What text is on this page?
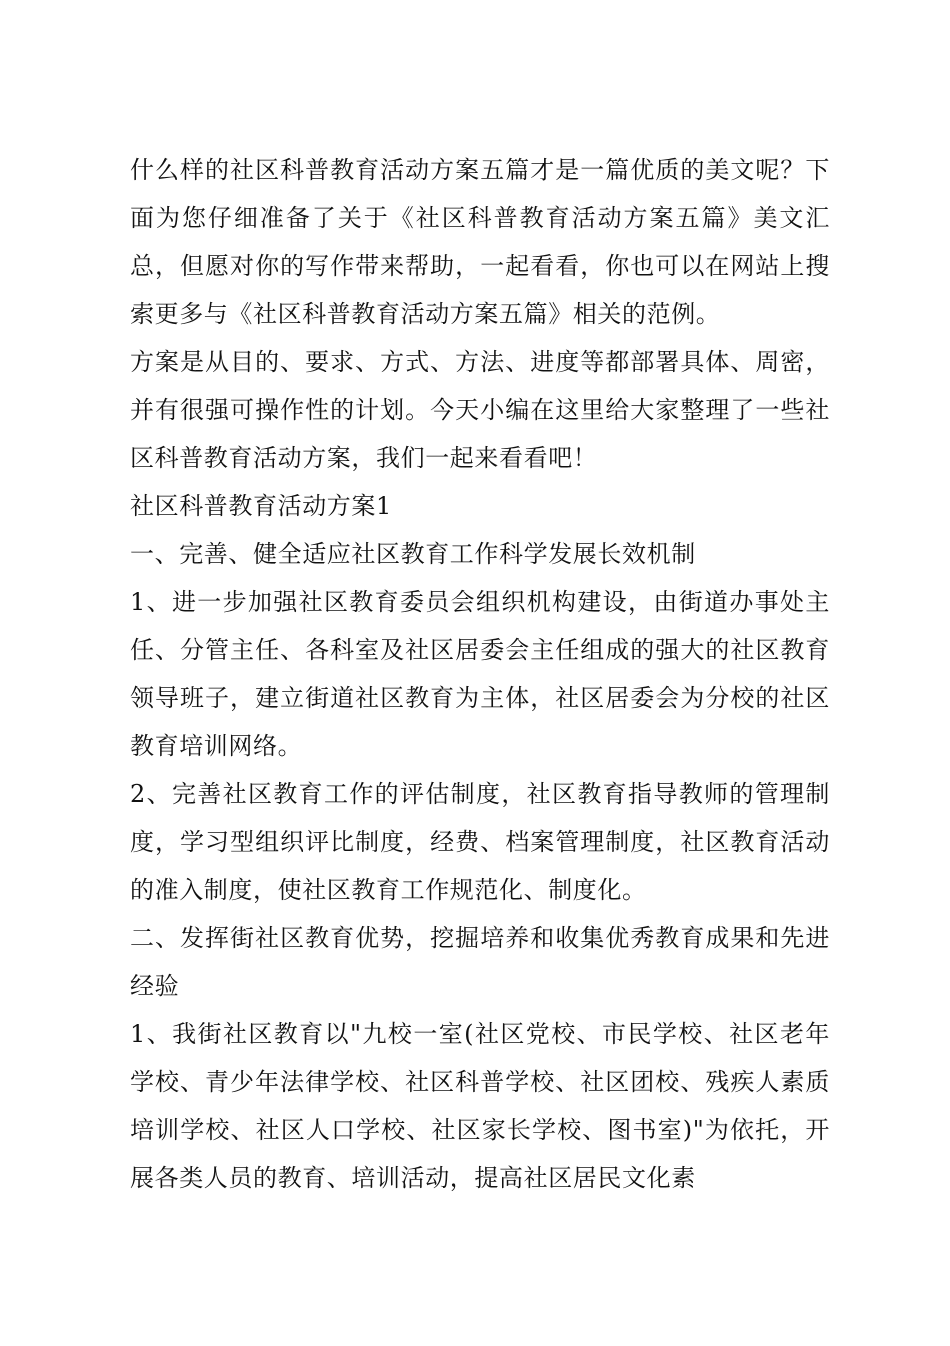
什么样的社区科普教育活动方案五篇才是一篇优质的美文呢？下面为您仔细准备了关于《社区科普教育活动方案五篇》美文汇总，但愿对你的写作带来帮助，一起看看，你也可以在网站上搜索更多与《社区科普教育活动方案五篇》相关的范例。

方案是从目的、要求、方式、方法、进度等都部署具体、周密，并有很强可操作性的计划。今天小编在这里给大家整理了一些社区科普教育活动方案，我们一起来看看吧！

社区科普教育活动方案1

一、完善、健全适应社区教育工作科学发展长效机制

1、进一步加强社区教育委员会组织机构建设，由街道办事处主任、分管主任、各科室及社区居委会主任组成的强大的社区教育领导班子，建立街道社区教育为主体，社区居委会为分校的社区教育培训网络。

2、完善社区教育工作的评估制度，社区教育指导教师的管理制度，学习型组织评比制度，经费、档案管理制度，社区教育活动的准入制度，使社区教育工作规范化、制度化。

二、发挥街社区教育优势，挖掘培养和收集优秀教育成果和先进经验

1、我街社区教育以"九校一室(社区党校、市民学校、社区老年学校、青少年法律学校、社区科普学校、社区团校、残疾人素质培训学校、社区人口学校、社区家长学校、图书室)"为依托，开展各类人员的教育、培训活动，提高社区居民文化素
